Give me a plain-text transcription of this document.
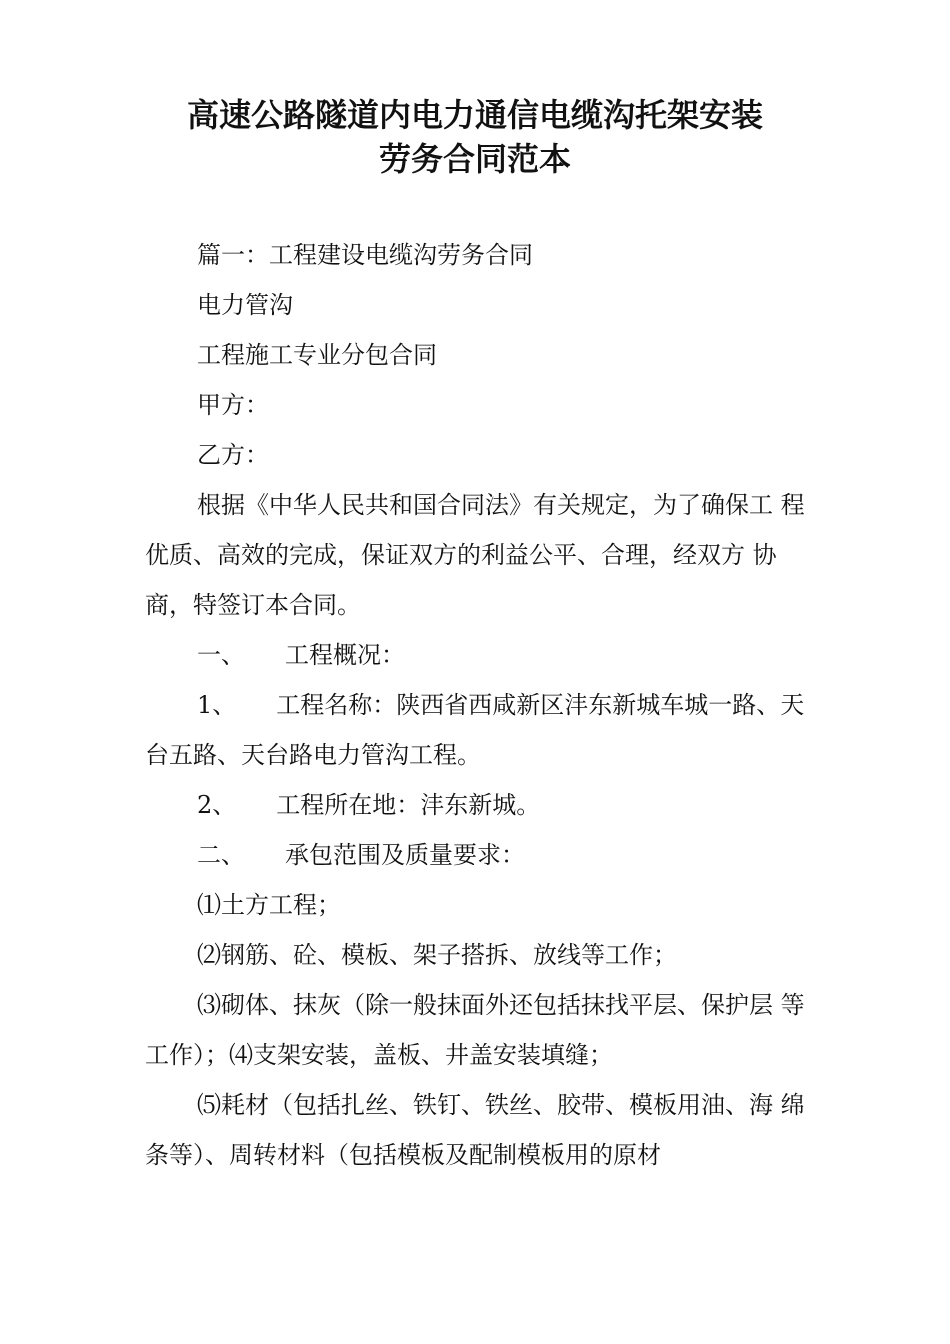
高速公路隧道内电力通信电缆沟托架安装
劳务合同范本

篇一：工程建设电缆沟劳务合同

电力管沟

工程施工专业分包合同

甲方：

乙方：

根据《中华人民共和国合同法》有关规定，为了确保工 程优质、高效的完成，保证双方的利益公平、合理，经双方 协商，特签订本合同。

一、 工程概况：

1、 工程名称：陕西省西咸新区沣东新城车城一路、天 台五路、天台路电力管沟工程。

2、 工程所在地：沣东新城。

二、 承包范围及质量要求：

⑴土方工程；

⑵钢筋、砼、模板、架子搭拆、放线等工作；

⑶砌体、抹灰（除一般抹面外还包括抹找平层、保护层 等工作）；⑷支架安装，盖板、井盖安装填缝；

⑸耗材（包括扎丝、铁钉、铁丝、胶带、模板用油、海 绵条等）、周转材料（包括模板及配制模板用的原材
